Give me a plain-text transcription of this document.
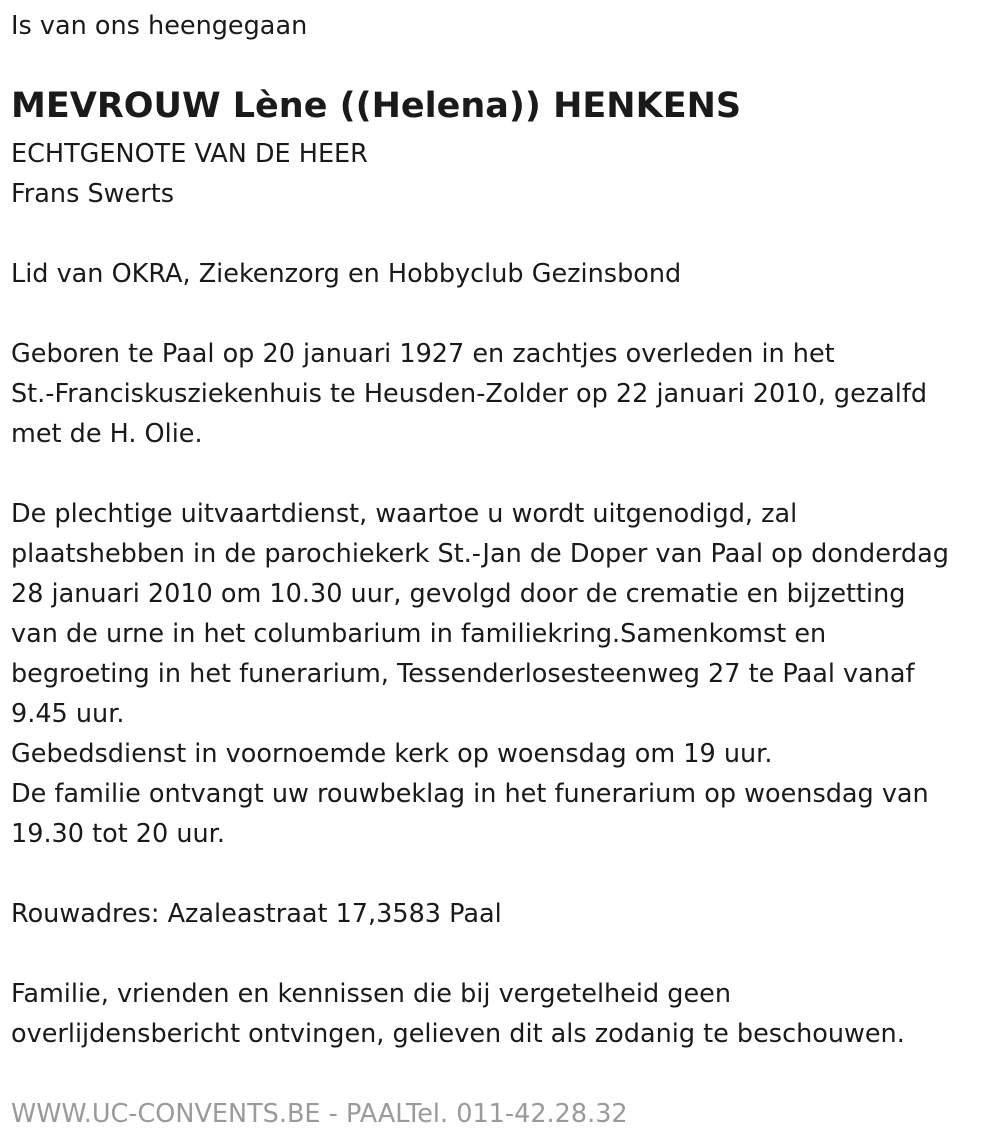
Is van ons heengegaan

MEVROUW Lène ((Helena)) HENKENS

ECHTGENOTE VAN DE HEER

Frans Swerts

Lid van OKRA, Ziekenzorg en Hobbyclub Gezinsbond

Geboren te Paal op 20 januari 1927 en zachtjes overleden in het

St.-Franciskusziekenhuis te Heusden-Zolder op 22 januari 2010, gezalfd

met de H. Olie.

De plechtige uitvaartdienst, waartoe u wordt uitgenodigd, zal

plaatshebben in de parochiekerk St.-Jan de Doper van Paal op donderdag

28 januari 2010 om 10.30 uur, gevolgd door de crematie en bijzetting

van de urne in het columbarium in familiekring.Samenkomst en

begroeting in het funerarium, Tessenderlosesteenweg 27 te Paal vanaf

9.45 uur.

Gebedsdienst in voornoemde kerk op woensdag om 19 uur.

De familie ontvangt uw rouwbeklag in het funerarium op woensdag van

19.30 tot 20 uur.

Rouwadres: Azaleastraat 17,3583 Paal

Familie, vrienden en kennissen die bij vergetelheid geen

overlijdensbericht ontvingen, gelieven dit als zodanig te beschouwen.

WWW.UC-CONVENTS.BE - PAALTel. 011-42.28.32
